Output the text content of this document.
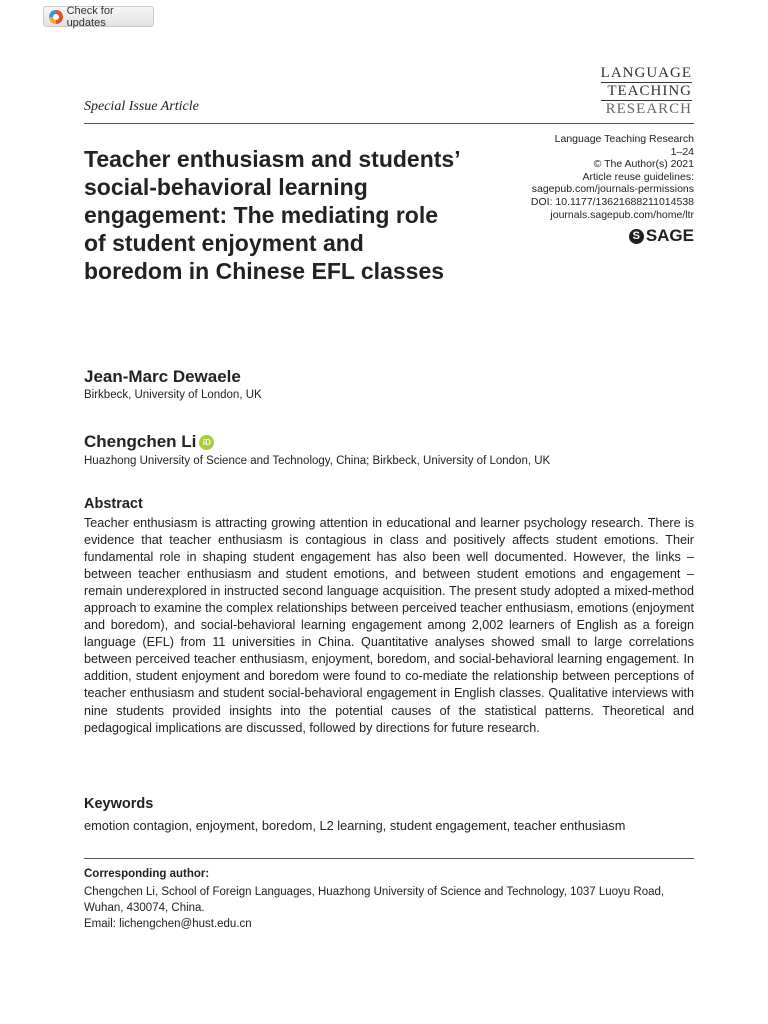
Check for updates
LANGUAGE
TEACHING
RESEARCH
Special Issue Article
Teacher enthusiasm and students’ social-behavioral learning engagement: The mediating role of student enjoyment and boredom in Chinese EFL classes
Language Teaching Research
1–24
© The Author(s) 2021
Article reuse guidelines:
sagepub.com/journals-permissions
DOI: 10.1177/13621688211014538
journals.sagepub.com/home/ltr
S SAGE
Jean-Marc Dewaele
Birkbeck, University of London, UK
Chengchen Li iD
Huazhong University of Science and Technology, China; Birkbeck, University of London, UK
Abstract

Teacher enthusiasm is attracting growing attention in educational and learner psychology research. There is evidence that teacher enthusiasm is contagious in class and positively affects student emotions. Their fundamental role in shaping student engagement has also been well documented. However, the links – between teacher enthusiasm and student emotions, and between student emotions and engagement – remain underexplored in instructed second language acquisition. The present study adopted a mixed-method approach to examine the complex relationships between perceived teacher enthusiasm, emotions (enjoyment and boredom), and social-behavioral learning engagement among 2,002 learners of English as a foreign language (EFL) from 11 universities in China. Quantitative analyses showed small to large correlations between perceived teacher enthusiasm, enjoyment, boredom, and social-behavioral learning engagement. In addition, student enjoyment and boredom were found to co-mediate the relationship between perceptions of teacher enthusiasm and student social-behavioral engagement in English classes. Qualitative interviews with nine students provided insights into the potential causes of the statistical patterns. Theoretical and pedagogical implications are discussed, followed by directions for future research.

Keywords
emotion contagion, enjoyment, boredom, L2 learning, student engagement, teacher enthusiasm
Corresponding author:
Chengchen Li, School of Foreign Languages, Huazhong University of Science and Technology, 1037 Luoyu Road, Wuhan, 430074, China.
Email: lichengchen@hust.edu.cn
